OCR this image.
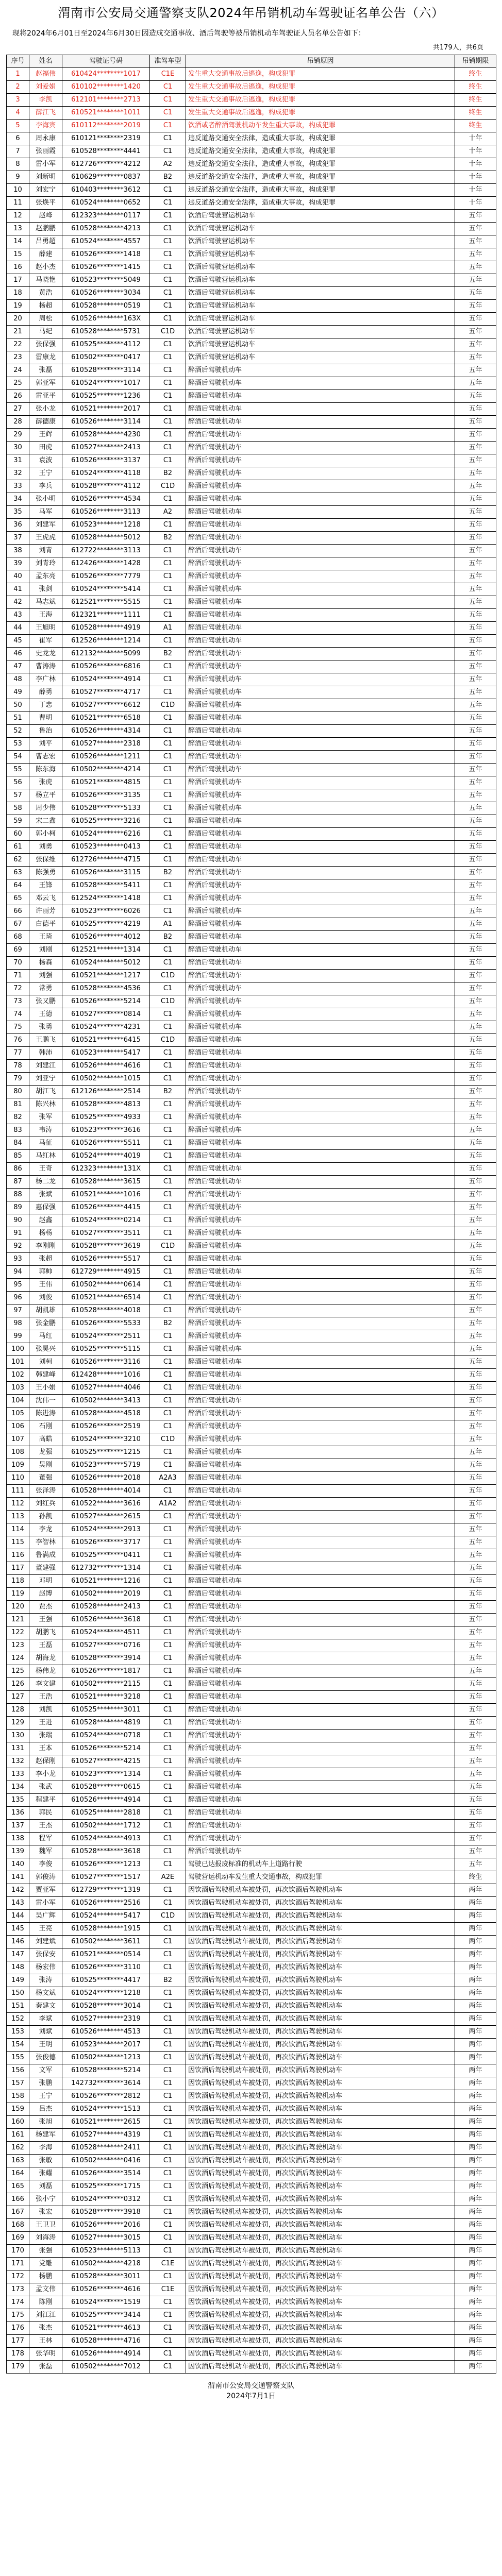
渭南市公安局交通警察支队2024年吊销机动车驾驶证名单公告（六）
现将2024年6月01日至2024年6月30日因造成交通事故、酒后驾驶等被吊销机动车驾驶证人员名单公告如下：
共179人，共6页
序号	姓名	驾驶证号码	准驾车型	吊销原因	吊销期限
1	赵福伟	610424********1017	C1E	发生重大交通事故后逃逸，构成犯罪	终生
2	刘爱娟	610102********1420	C1	发生重大交通事故后逃逸，构成犯罪	终生
3	李凯	612101********2713	C1	发生重大交通事故后逃逸，构成犯罪	终生
4	薛江飞	610521********1011	C1	发生重大交通事故后逃逸，构成犯罪	终生
5	李海宾	610112********2019	C1	饮酒或者醉酒驾驶机动车发生重大事故，构成犯罪	终生
6	周永康	610121********2319	C1	违反道路交通安全法律，造成重大事故，构成犯罪	十年
7	张丽霞	610528********4441	C1	违反道路交通安全法律，造成重大事故，构成犯罪	十年
8	雷小军	612726********4212	A2	违反道路交通安全法律，造成重大事故，构成犯罪	十年
9	刘新明	610629********0837	B2	违反道路交通安全法律，造成重大事故，构成犯罪	十年
10	刘宏宁	610403********3612	C1	违反道路交通安全法律，造成重大事故，构成犯罪	十年
11	张焕平	610524********0652	C1	违反道路交通安全法律，造成重大事故，构成犯罪	十年
12	赵峰	612323********0117	C1	饮酒后驾驶营运机动车	五年
13	赵鹏鹏	610528********4213	C1	饮酒后驾驶营运机动车	五年
14	吕勇超	610524********4557	C1	饮酒后驾驶营运机动车	五年
15	薛建	610526********1418	C1	饮酒后驾驶营运机动车	五年
16	赵小杰	610526********1415	C1	饮酒后驾驶营运机动车	五年
17	马晓艳	610523********5049	C1	饮酒后驾驶营运机动车	五年
18	黄浩	610526********3034	C1	饮酒后驾驶营运机动车	五年
19	杨超	610528********0519	C1	饮酒后驾驶营运机动车	五年
20	周松	610526********163X	C1	饮酒后驾驶营运机动车	五年
21	马纪	610528********5731	C1D	饮酒后驾驶营运机动车	五年
22	张保强	610525********4112	C1	饮酒后驾驶营运机动车	五年
23	雷康龙	610502********0417	C1	饮酒后驾驶营运机动车	五年
24	张磊	610528********3114	C1	醉酒后驾驶机动车	五年
25	郭亚军	610524********1017	C1	醉酒后驾驶机动车	五年
26	雷亚平	610525********1236	C1	醉酒后驾驶机动车	五年
27	张小龙	610521********2017	C1	醉酒后驾驶机动车	五年
28	薛德康	610526********3114	C1	醉酒后驾驶机动车	五年
29	王辉	610528********4230	C1	醉酒后驾驶机动车	五年
30	田虎	610527********2413	C1	醉酒后驾驶机动车	五年
31	袁波	610526********3137	C1	醉酒后驾驶机动车	五年
32	王宁	610524********4118	B2	醉酒后驾驶机动车	五年
33	李兵	610528********4112	C1D	醉酒后驾驶机动车	五年
34	张小明	610526********4534	C1	醉酒后驾驶机动车	五年
35	马军	610526********3113	A2	醉酒后驾驶机动车	五年
36	刘建军	610523********1218	C1	醉酒后驾驶机动车	五年
37	王虎虎	610528********5012	B2	醉酒后驾驶机动车	五年
38	刘青	612722********3113	C1	醉酒后驾驶机动车	五年
39	刘青玲	612426********1428	C1	醉酒后驾驶机动车	五年
40	孟东亮	610526********7779	C1	醉酒后驾驶机动车	五年
41	张剑	610524********5414	C1	醉酒后驾驶机动车	五年
42	马志斌	612521********5515	C1	醉酒后驾驶机动车	五年
43	王海	612321********1111	C1	醉酒后驾驶机动车	五年
44	王旭明	610528********4919	A1	醉酒后驾驶机动车	五年
45	崔军	612526********1214	C1	醉酒后驾驶机动车	五年
46	史龙龙	612132********5099	B2	醉酒后驾驶机动车	五年
47	曹涛涛	610526********6816	C1	醉酒后驾驶机动车	五年
48	李广林	610524********4914	C1	醉酒后驾驶机动车	五年
49	薛勇	610527********4717	C1	醉酒后驾驶机动车	五年
50	丁忠	610527********6612	C1D	醉酒后驾驶机动车	五年
51	曹明	610521********6518	C1	醉酒后驾驶机动车	五年
52	鲁治	610526********4314	C1	醉酒后驾驶机动车	五年
53	刘平	610527********2318	C1	醉酒后驾驶机动车	五年
54	曹志宏	610526********1211	C1	醉酒后驾驶机动车	五年
55	陈东海	610502********4214	C1	醉酒后驾驶机动车	五年
56	张虎	610521********4815	C1	醉酒后驾驶机动车	五年
57	杨立平	610526********3135	C1	醉酒后驾驶机动车	五年
58	周少伟	610528********5133	C1	醉酒后驾驶机动车	五年
59	宋二鑫	610525********3216	C1	醉酒后驾驶机动车	五年
60	郭小柯	610524********6216	C1	醉酒后驾驶机动车	五年
61	刘勇	610523********0413	C1	醉酒后驾驶机动车	五年
62	张保维	612726********4715	C1	醉酒后驾驶机动车	五年
63	陈强勇	610526********3115	B2	醉酒后驾驶机动车	五年
64	王锋	610528********5411	C1	醉酒后驾驶机动车	五年
65	邓云飞	612524********1418	C1	醉酒后驾驶机动车	五年
66	许丽芳	610523********6026	C1	醉酒后驾驶机动车	五年
67	白德平	610525********4219	A1	醉酒后驾驶机动车	五年
68	王琦	610526********4012	B2	醉酒后驾驶机动车	五年
69	刘刚	612521********1314	C1	醉酒后驾驶机动车	五年
70	杨森	610524********5012	C1	醉酒后驾驶机动车	五年
71	刘强	610521********1217	C1D	醉酒后驾驶机动车	五年
72	常勇	610528********4536	C1	醉酒后驾驶机动车	五年
73	张又鹏	610526********5214	C1D	醉酒后驾驶机动车	五年
74	王德	610527********0814	C1	醉酒后驾驶机动车	五年
75	张勇	610524********4231	C1	醉酒后驾驶机动车	五年
76	王鹏飞	610521********6415	C1D	醉酒后驾驶机动车	五年
77	韩沛	610523********5417	C1	醉酒后驾驶机动车	五年
78	刘建江	610526********4616	C1	醉酒后驾驶机动车	五年
79	刘亚宁	610502********1015	C1	醉酒后驾驶机动车	五年
80	胡江飞	612126********2514	B2	醉酒后驾驶机动车	五年
81	陈兴林	610528********4813	C1	醉酒后驾驶机动车	五年
82	张军	610525********4933	C1	醉酒后驾驶机动车	五年
83	韦涛	610523********3616	C1	醉酒后驾驶机动车	五年
84	马征	610526********5511	C1	醉酒后驾驶机动车	五年
85	马红林	610524********4019	C1	醉酒后驾驶机动车	五年
86	王奇	612323********131X	C1	醉酒后驾驶机动车	五年
87	杨二龙	610528********3615	C1	醉酒后驾驶机动车	五年
88	张斌	610521********1016	C1	醉酒后驾驶机动车	五年
89	惠保强	610526********4415	C1	醉酒后驾驶机动车	五年
90	赵鑫	610524********0214	C1	醉酒后驾驶机动车	五年
91	杨杨	610527********3511	C1	醉酒后驾驶机动车	五年
92	李刚刚	610528********3619	C1D	醉酒后驾驶机动车	五年
93	张超	610526********5517	C1	醉酒后驾驶机动车	五年
94	郭帅	612729********4915	C1	醉酒后驾驶机动车	五年
95	王伟	610502********0614	C1	醉酒后驾驶机动车	五年
96	刘俊	610521********6514	C1	醉酒后驾驶机动车	五年
97	胡凯雄	610528********4018	C1	醉酒后驾驶机动车	五年
98	张金鹏	610526********5533	B2	醉酒后驾驶机动车	五年
99	马红	610524********2511	C1	醉酒后驾驶机动车	五年
100	张昊兴	610525********5115	C1	醉酒后驾驶机动车	五年
101	刘柯	610526********3116	C1	醉酒后驾驶机动车	五年
102	韩建峰	612428********1016	C1	醉酒后驾驶机动车	五年
103	王小娟	610527********4046	C1	醉酒后驾驶机动车	五年
104	沈伟一	610502********3413	C1	醉酒后驾驶机动车	五年
105	陈进涛	610528********4518	C1	醉酒后驾驶机动车	五年
106	石刚	610526********2519	C1	醉酒后驾驶机动车	五年
107	高皓	610524********3210	C1D	醉酒后驾驶机动车	五年
108	龙强	610525********1215	C1	醉酒后驾驶机动车	五年
109	吴刚	610523********5719	C1	醉酒后驾驶机动车	五年
110	董强	610526********2018	A2A3	醉酒后驾驶机动车	五年
111	张泽涛	610528********4014	C1	醉酒后驾驶机动车	五年
112	刘红兵	610522********3616	A1A2	醉酒后驾驶机动车	五年
113	孙凯	610527********2615	C1	醉酒后驾驶机动车	五年
114	李龙	610524********2913	C1	醉酒后驾驶机动车	五年
115	李智林	610526********3717	C1	醉酒后驾驶机动车	五年
116	鲁满成	610525********0411	C1	醉酒后驾驶机动车	五年
117	董建强	612732********1314	C1	醉酒后驾驶机动车	五年
118	邓明	610521********1216	C1	醉酒后驾驶机动车	五年
119	赵博	610502********2019	C1	醉酒后驾驶机动车	五年
120	贾杰	610528********2413	C1	醉酒后驾驶机动车	五年
121	王强	610526********3618	C1	醉酒后驾驶机动车	五年
122	胡鹏飞	610524********4511	C1	醉酒后驾驶机动车	五年
123	王磊	610527********0716	C1	醉酒后驾驶机动车	五年
124	胡海龙	610528********3914	C1	醉酒后驾驶机动车	五年
125	杨伟龙	610526********1817	C1	醉酒后驾驶机动车	五年
126	李文建	610502********2115	C1	醉酒后驾驶机动车	五年
127	王浩	610521********3218	C1	醉酒后驾驶机动车	五年
128	刘凯	610525********3011	C1	醉酒后驾驶机动车	五年
129	王进	610528********4819	C1	醉酒后驾驶机动车	五年
130	张瑞	610524********0718	C1	醉酒后驾驶机动车	五年
131	王本	610526********5214	C1	醉酒后驾驶机动车	五年
132	赵保刚	610527********4215	C1	醉酒后驾驶机动车	五年
133	李小龙	610523********1314	C1	醉酒后驾驶机动车	五年
134	张武	610528********0615	C1	醉酒后驾驶机动车	五年
135	程建平	610526********4914	C1	醉酒后驾驶机动车	五年
136	郭民	610525********2818	C1	醉酒后驾驶机动车	五年
137	王杰	610502********1712	C1	醉酒后驾驶机动车	五年
138	程军	610524********4913	C1	醉酒后驾驶机动车	五年
139	魏军	610528********3618	C1	醉酒后驾驶机动车	五年
140	李俊	610526********1213	C1	驾驶已达报废标准的机动车上道路行驶	五年
141	郭俊涛	610527********1517	A2E	驾驶营运机动车发生重大交通事故，构成犯罪	终生
142	贾亚军	612729********1319	C1	因饮酒后驾驶机动车被处罚，再次饮酒后驾驶机动车	两年
143	雷小军	610526********2516	C1	因饮酒后驾驶机动车被处罚，再次饮酒后驾驶机动车	两年
144	吴广辉	610524********5417	C1D	因饮酒后驾驶机动车被处罚，再次饮酒后驾驶机动车	两年
145	王亮	610528********1915	C1	因饮酒后驾驶机动车被处罚，再次饮酒后驾驶机动车	两年
146	刘建斌	610502********3611	C1	因饮酒后驾驶机动车被处罚，再次饮酒后驾驶机动车	两年
147	张保安	610521********0514	C1	因饮酒后驾驶机动车被处罚，再次饮酒后驾驶机动车	两年
148	杨宏伟	610526********3110	C1	因饮酒后驾驶机动车被处罚，再次饮酒后驾驶机动车	两年
149	张涛	610525********4417	B2	因饮酒后驾驶机动车被处罚，再次饮酒后驾驶机动车	两年
150	杨文斌	610524********1218	C1	因饮酒后驾驶机动车被处罚，再次饮酒后驾驶机动车	两年
151	秦建文	610528********3014	C1	因饮酒后驾驶机动车被处罚，再次饮酒后驾驶机动车	两年
152	李斌	610527********2319	C1	因饮酒后驾驶机动车被处罚，再次饮酒后驾驶机动车	两年
153	刘斌	610526********4513	C1	因饮酒后驾驶机动车被处罚，再次饮酒后驾驶机动车	两年
154	王明	610523********2017	C1	因饮酒后驾驶机动车被处罚，再次饮酒后驾驶机动车	两年
155	张俊德	610502********1213	C1	因饮酒后驾驶机动车被处罚，再次饮酒后驾驶机动车	两年
156	文军	610528********5214	C1	因饮酒后驾驶机动车被处罚，再次饮酒后驾驶机动车	两年
157	张鹏	142732********3614	C1	因饮酒后驾驶机动车被处罚，再次饮酒后驾驶机动车	两年
158	王宁	610526********2812	C1	因饮酒后驾驶机动车被处罚，再次饮酒后驾驶机动车	两年
159	吕杰	610524********1513	C1	因饮酒后驾驶机动车被处罚，再次饮酒后驾驶机动车	两年
160	张旭	610521********2615	C1	因饮酒后驾驶机动车被处罚，再次饮酒后驾驶机动车	两年
161	杨建军	610527********4319	C1	因饮酒后驾驶机动车被处罚，再次饮酒后驾驶机动车	两年
162	李海	610528********2411	C1	因饮酒后驾驶机动车被处罚，再次饮酒后驾驶机动车	两年
163	张敏	610502********0416	C1	因饮酒后驾驶机动车被处罚，再次饮酒后驾驶机动车	两年
164	张耀	610526********3514	C1	因饮酒后驾驶机动车被处罚，再次饮酒后驾驶机动车	两年
165	刘磊	610525********1715	C1	因饮酒后驾驶机动车被处罚，再次饮酒后驾驶机动车	两年
166	张小宁	610524********0312	C1	因饮酒后驾驶机动车被处罚，再次饮酒后驾驶机动车	两年
167	张宏	610528********3918	C1	因饮酒后驾驶机动车被处罚，再次饮酒后驾驶机动车	两年
168	王卫卫	610526********2016	C1	因饮酒后驾驶机动车被处罚，再次饮酒后驾驶机动车	两年
169	刘海涛	610527********3015	C1	因饮酒后驾驶机动车被处罚，再次饮酒后驾驶机动车	两年
170	张强	610523********5113	C1	因饮酒后驾驶机动车被处罚，再次饮酒后驾驶机动车	两年
171	党雕	610502********4218	C1E	因饮酒后驾驶机动车被处罚，再次饮酒后驾驶机动车	两年
172	杨鹏	610528********3011	C1	因饮酒后驾驶机动车被处罚，再次饮酒后驾驶机动车	两年
173	孟文伟	610526********4616	C1E	因饮酒后驾驶机动车被处罚，再次饮酒后驾驶机动车	两年
174	陈刚	610524********1519	C1	因饮酒后驾驶机动车被处罚，再次饮酒后驾驶机动车	两年
175	刘江江	610525********3414	C1	因饮酒后驾驶机动车被处罚，再次饮酒后驾驶机动车	两年
176	张杰	610521********4613	C1	因饮酒后驾驶机动车被处罚，再次饮酒后驾驶机动车	两年
177	王林	610528********4716	C1	因饮酒后驾驶机动车被处罚，再次饮酒后驾驶机动车	两年
178	张华明	610526********4914	C1	因饮酒后驾驶机动车被处罚，再次饮酒后驾驶机动车	两年
179	张磊	610502********7012	C1	因饮酒后驾驶机动车被处罚，再次饮酒后驾驶机动车	两年
渭南市公安局交通警察支队
2024年7月1日
